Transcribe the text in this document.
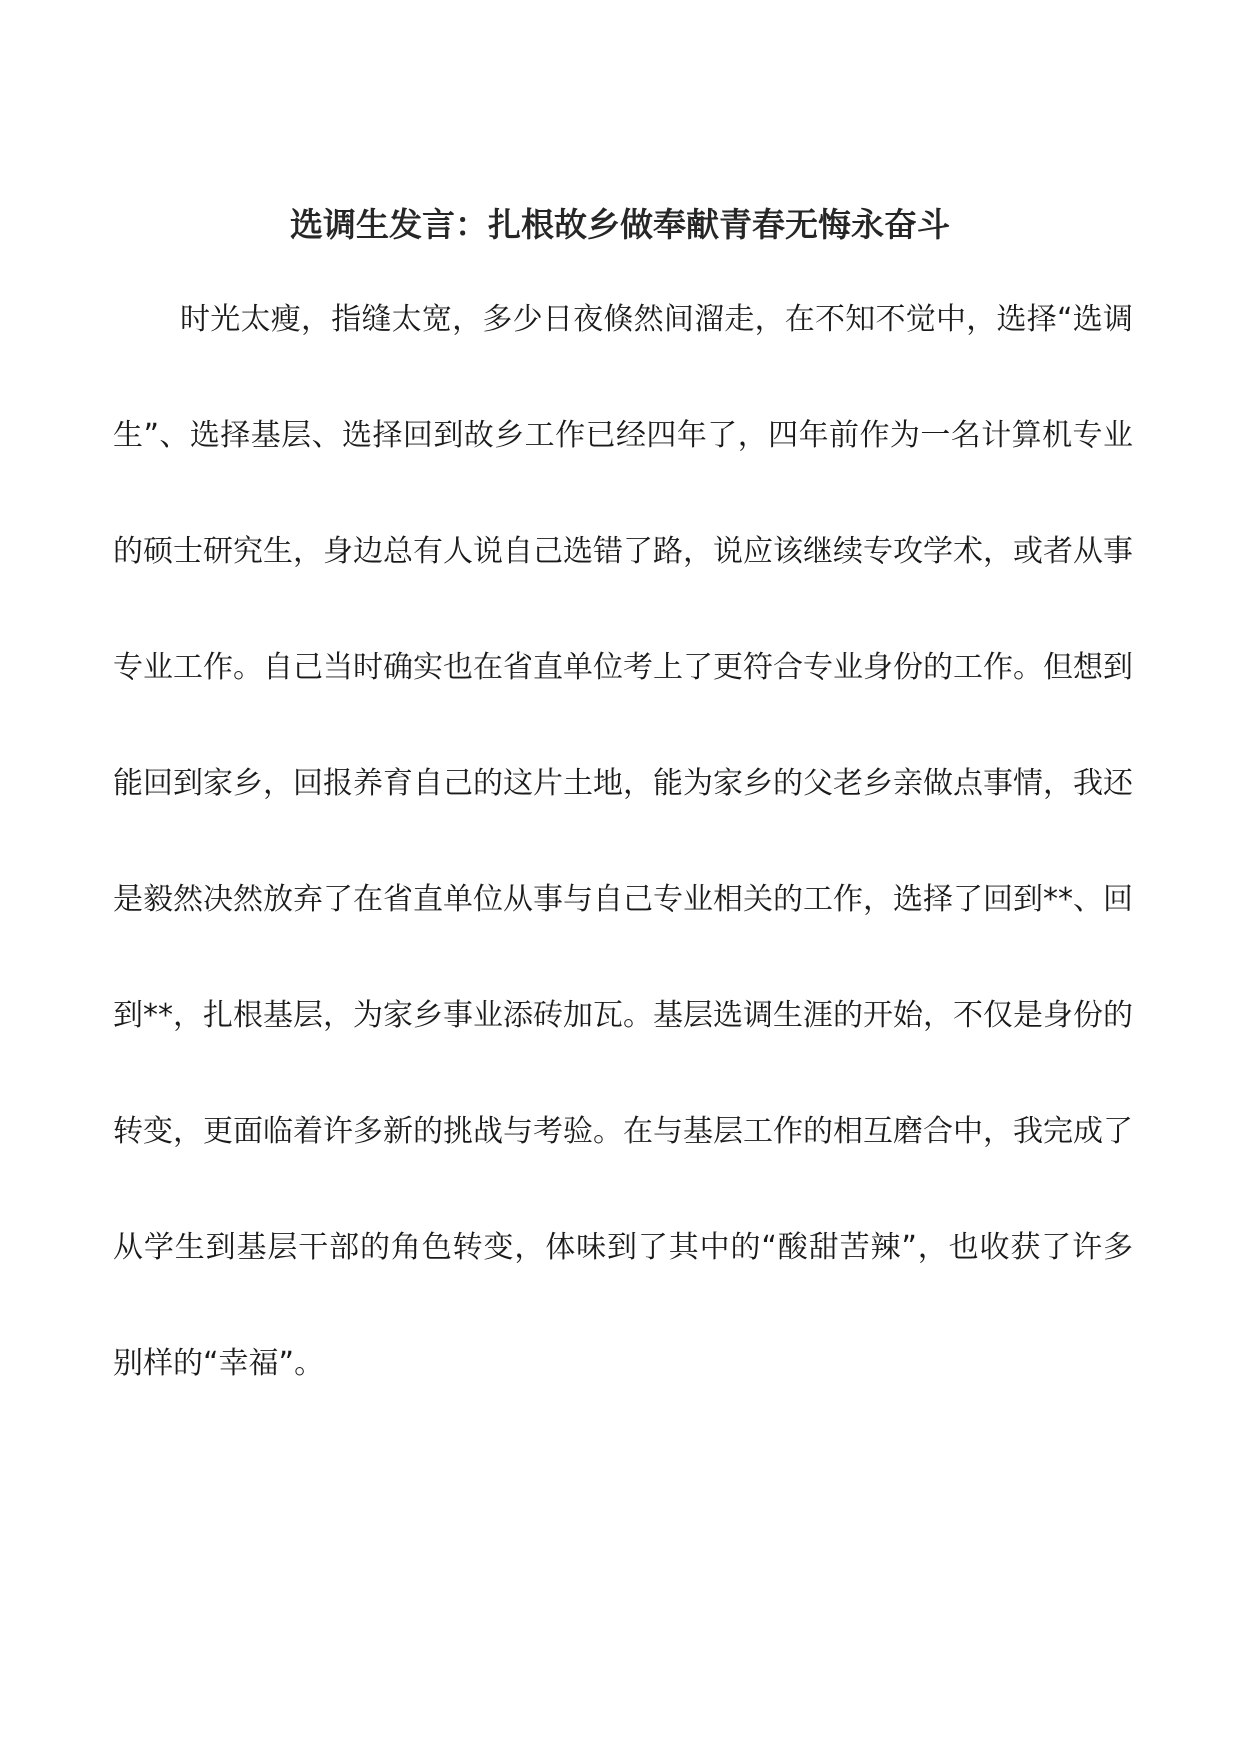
选调生发言：扎根故乡做奉献青春无悔永奋斗
时光太瘦，指缝太宽，多少日夜倏然间溜走，在不知不觉中，选择“选调
生”、选择基层、选择回到故乡工作已经四年了，四年前作为一名计算机专业
的硕士研究生，身边总有人说自己选错了路，说应该继续专攻学术，或者从事
专业工作。自己当时确实也在省直单位考上了更符合专业身份的工作。但想到
能回到家乡，回报养育自己的这片土地，能为家乡的父老乡亲做点事情，我还
是毅然决然放弃了在省直单位从事与自己专业相关的工作，选择了回到**、回
到**，扎根基层，为家乡事业添砖加瓦。基层选调生涯的开始，不仅是身份的
转变，更面临着许多新的挑战与考验。在与基层工作的相互磨合中，我完成了
从学生到基层干部的角色转变，体味到了其中的“酸甜苦辣”，也收获了许多
别样的“幸福”。
